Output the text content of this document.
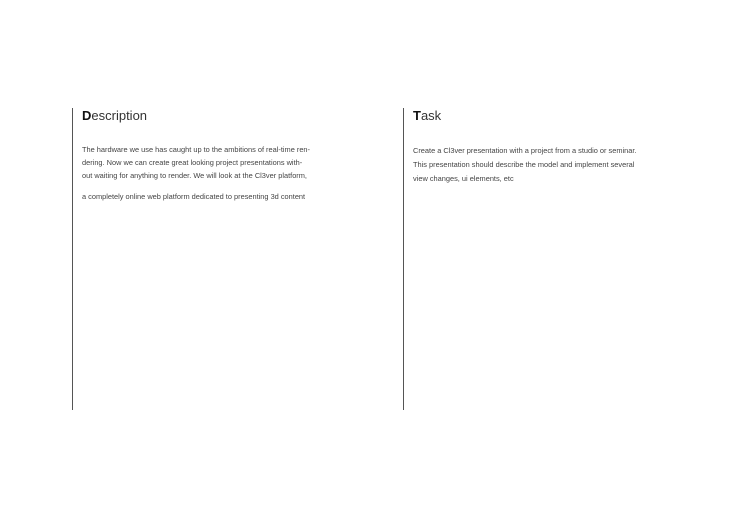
Description
The hardware we use has caught up to the ambitions of real-time ren-
dering. Now we can create great looking project presentations with-
out waiting for anything to render. We will look at the Cl3ver platform,
a completely online web platform dedicated to presenting 3d content
Task
Create a Cl3ver presentation with a project from a studio or seminar.
This presentation should describe the model and implement several
view changes, ui elements, etc
